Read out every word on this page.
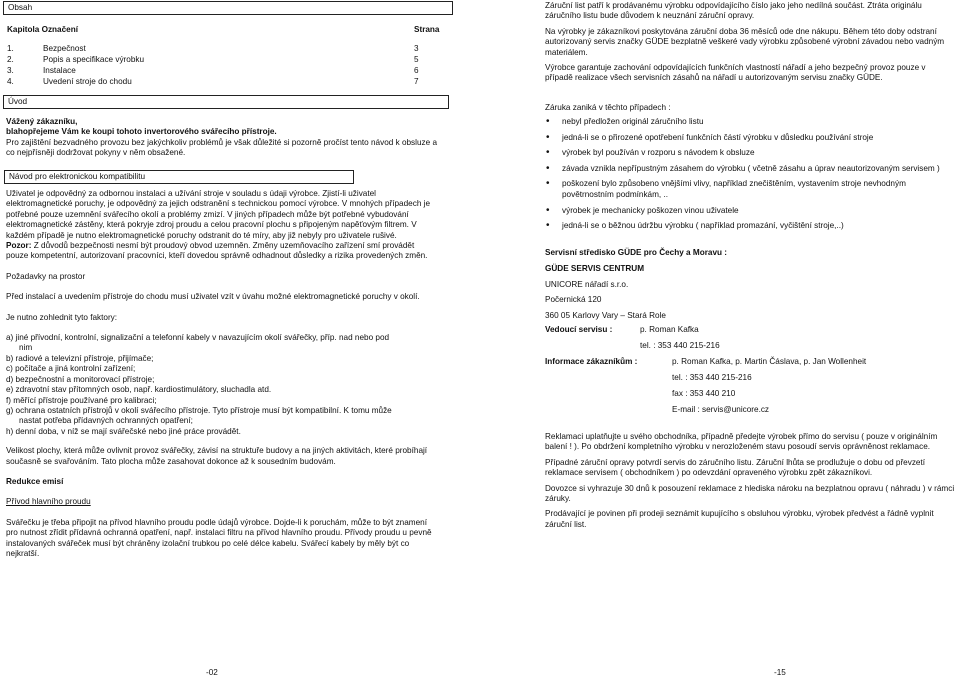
Obsah
Kapitola Označení	Strana
1.	Bezpečnost	3
2.	Popis a specifikace výrobku	5
3.	Instalace	6
4.	Uvedení stroje do chodu	7
Úvod

Vážený zákazníku,

blahopřejeme Vám ke koupi tohoto invertorového svářecího přístroje.

Pro zajištění bezvadného provozu bez jakýchkoliv problémů je však důležité si pozorně pročíst tento návod k obsluze a co nejpřísněji dodržovat pokyny v něm obsažené.

Návod pro elektronickou kompatibilitu

Uživatel je odpovědný za odbornou instalaci a užívání stroje v souladu s údaji výrobce. Zjistí-li uživatel elektromagnetické poruchy, je odpovědný za jejich odstranění s technickou pomocí výrobce. V mnohých případech je potřebné pouze uzemnění svářecího okolí a problémy zmizí. V jiných případech může být potřebné vybudování elektromagnetické zástěny, která pokryje zdroj proudu a celou pracovní plochu s připojeným napěťovým filtrem. V každém případě je nutno elektromagnetické poruchy odstranit do té míry, aby již nebyly pro uživatele rušivé.

Pozor: Z důvodů bezpečnosti nesmí být proudový obvod uzemněn. Změny uzemňovacího zařízení smí provádět pouze kompetentní, autorizovaní pracovníci, kteří dovedou správně odhadnout důsledky a rizika provedených změn.

Požadavky na prostor

Před instalací a uvedením přístroje do chodu musí uživatel vzít v úvahu možné elektromagnetické poruchy v okolí.

Je nutno zohlednit tyto faktory:

a) jiné přívodní, kontrolní, signalizační a telefonní kabely v navazujícím okolí svářečky, příp. nad nebo pod

nim

b) radiové a televizní přístroje, přijímače;

c) počítače a jiná kontrolní zařízení;

d) bezpečnostní a monitorovací přístroje;

e) zdravotní stav přítomných osob, např. kardiostimulátory, sluchadla atd.

f) měřící přístroje používané pro kalibraci;

g) ochrana ostatních přístrojů v okolí svářecího přístroje. Tyto přístroje musí být kompatibilní. K tomu může

nastat potřeba přídavných ochranných opatření;

h) denní doba, v níž se mají svářečské nebo jiné práce provádět.

Velikost plochy, která může ovlivnit provoz svářečky, závisí na struktuře budovy a na jiných aktivitách, které probíhají současně se svařováním. Tato plocha může zasahovat dokonce až k sousedním budovám.

Redukce emisí

Přívod hlavního proudu

Svářečku je třeba připojit na přívod hlavního proudu podle údajů výrobce. Dojde-li k poruchám, může to být znamení pro nutnost zřídit přídavná ochranná opatření, např. instalaci filtru na přívod hlavního proudu. Přívody proudu u pevně instalovaných svářeček musí být chráněny izolační trubkou po celé délce kabelu. Svářecí kabely by měly být co nejkratší.

-02

Záruční list patří k prodávanému výrobku odpovídajícího číslo jako jeho nedílná součást. Ztráta originálu záručního listu bude důvodem k neuznání záruční opravy.

Na výrobky je zákazníkovi poskytována záruční doba 36 měsíců ode dne nákupu. Během této doby odstraní autorizovaný servis značky GÜDE bezplatně veškeré vady výrobku způsobené výrobní závadou nebo vadným materiálem.

Výrobce garantuje zachování odpovídajících funkčních vlastností nářadí a jeho bezpečný provoz pouze v případě realizace všech servisních zásahů na nářadí u autorizovaným servisu značky GÜDE.

Záruka zaniká v těchto případech :

• nebyl předložen originál záručního listu
• jedná-li se o přirozené opotřebení funkčních částí výrobku v důsledku používání stroje
• výrobek byl používán v rozporu s návodem k obsluze
• závada vznikla nepřípustným zásahem do výrobku ( včetně zásahu a úprav neautorizovaným servisem )
• poškození bylo způsobeno vnějšími vlivy, například znečištěním, vystavením stroje nevhodným povětrnostním podmínkám, ..
• výrobek je mechanicky poškozen vinou uživatele
• jedná-li se o běžnou údržbu výrobku ( například promazání, vyčištění stroje,..)
Servisní středisko GÜDE pro Čechy a Moravu :
GÜDE SERVIS CENTRUM
UNICORE nářadí s.r.o.
Počernická 120
360 05 Karlovy Vary – Stará Role
Vedoucí servisu :	p. Roman Kafka
tel. : 353 440 215-216
Informace zákazníkům :	p. Roman Kafka, p. Martin Čáslava, p. Jan Wollenheit
tel. : 353 440 215-216
fax : 353 440 210
E-mail : servis@unicore.cz

Reklamaci uplatňujte u svého obchodníka, případně předejte výrobek přímo do servisu ( pouze v originálním balení ! ). Po obdržení kompletního výrobku v nerozloženém stavu posoudí servis oprávněnost reklamace.

Případné záruční opravy potvrdí servis do záručního listu. Záruční lhůta se prodlužuje o dobu od převzetí reklamace servisem ( obchodníkem ) po odevzdání opraveného výrobku zpět zákazníkovi.

Dovozce si vyhrazuje 30 dnů k posouzení reklamace z hlediska nároku na bezplatnou opravu ( náhradu ) v rámci záruky.

Prodávající je povinen při prodeji seznámit kupujícího s obsluhou výrobku, výrobek předvést a řádně vyplnit záruční list.

-15
